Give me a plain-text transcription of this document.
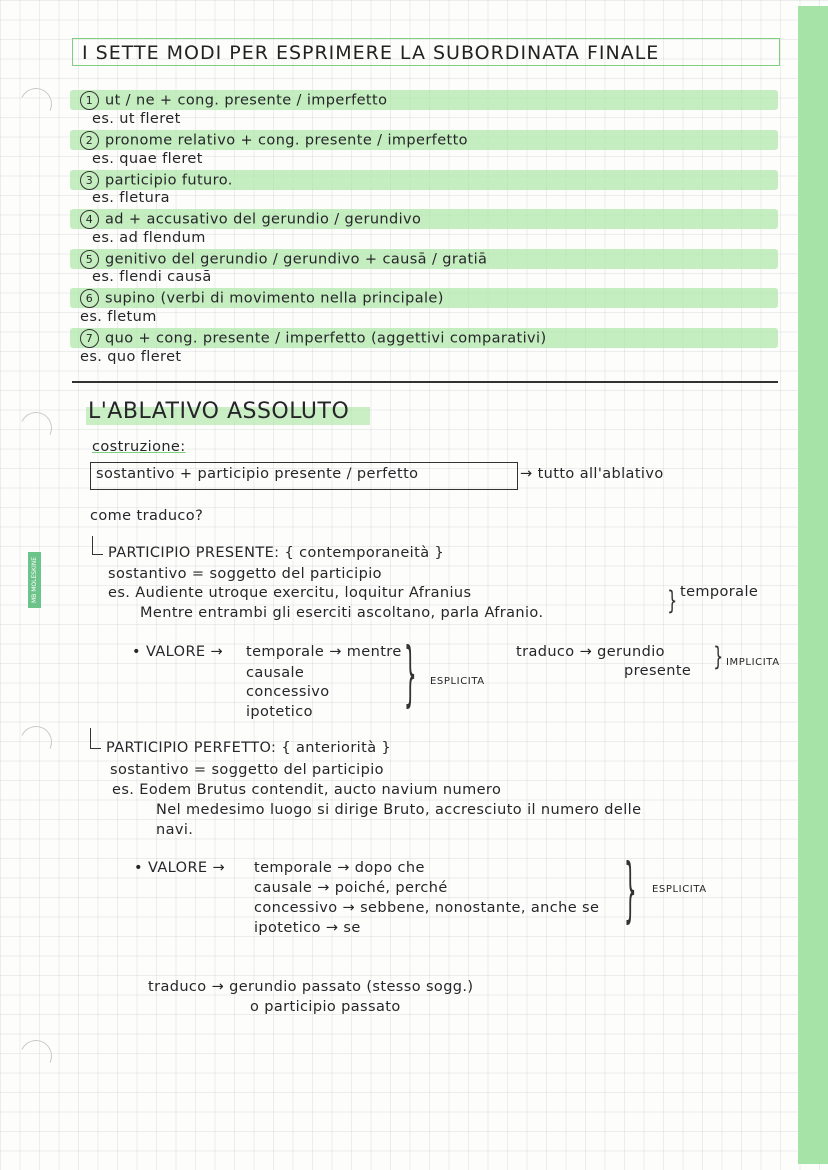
MB MOLESKINE
I SETTE MODI PER ESPRIMERE LA SUBORDINATA FINALE
1 ut / ne + cong. presente / imperfetto
es. ut fleret
2 pronome relativo + cong. presente / imperfetto
es. quae fleret
3 participio futuro.
es. fletura
4 ad + accusativo del gerundio / gerundivo
es. ad flendum
5 genitivo del gerundio / gerundivo + causā / gratiā
es. flendi causā
6 supino (verbi di movimento nella principale)
es. fletum
7 quo + cong. presente / imperfetto (aggettivi comparativi)
es. quo fleret
L'ABLATIVO ASSOLUTO
costruzione:
sostantivo + participio presente / perfetto	→ tutto all'ablativo
come traduco?
PARTICIPIO PRESENTE: { contemporaneità }
sostantivo = soggetto del participio
es. Audiente utroque exercitu, loquitur Afranius
Mentre entrambi gli eserciti ascoltano, parla Afranio.	} temporale
• VALORE → temporale → mentre
causale
concessivo
ipotetico } ESPLICITA
traduco → gerundio
presente } IMPLICITA
PARTICIPIO PERFETTO: { anteriorità }
sostantivo = soggetto del participio
es. Eodem Brutus contendit, aucto navium numero
Nel medesimo luogo si dirige Bruto, accresciuto il numero delle
navi.
• VALORE → temporale → dopo che
causale → poiché, perché
concessivo → sebbene, nonostante, anche se
ipotetico → se	} ESPLICITA
traduco → gerundio passato (stesso sogg.)
o participio passato
